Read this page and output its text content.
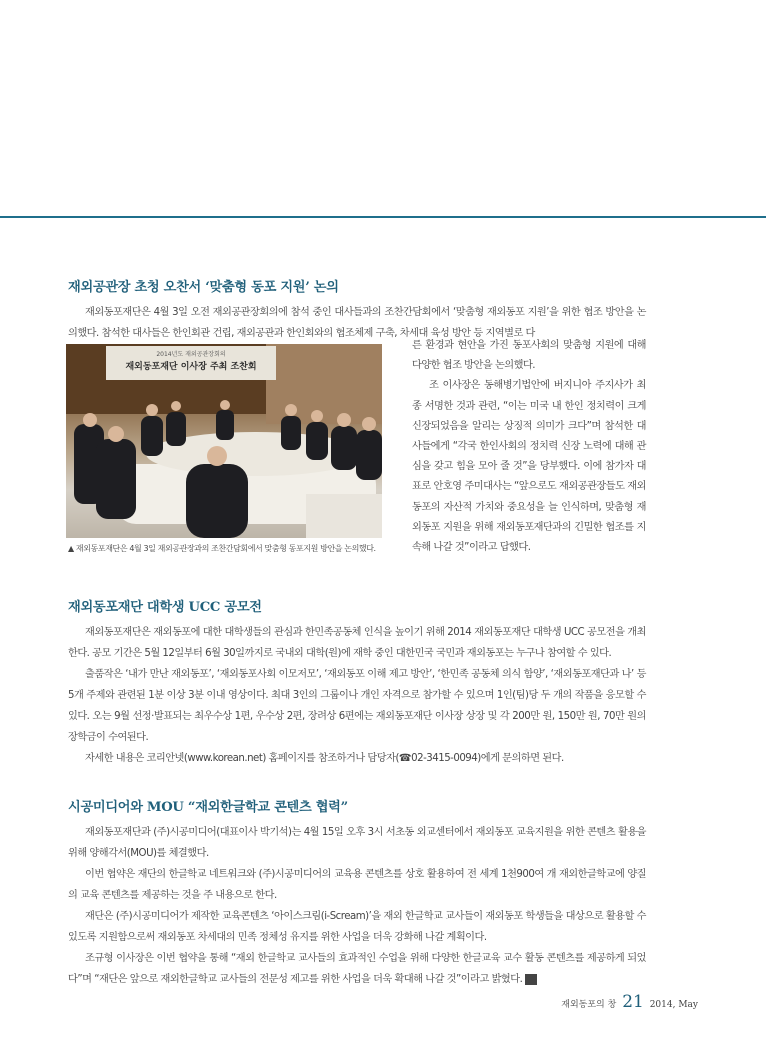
재외공관장 초청 오찬서 ‘맞춤형 동포 지원’ 논의

재외동포재단은 4월 3일 오전 재외공관장회의에 참석 중인 대사들과의 조찬간담회에서 ‘맞춤형 재외동포 지원’을 위한 협조 방안을 논의했다. 참석한 대사들은 한인회관 건립, 재외공관과 한인회와의 협조체제 구축, 차세대 육성 방안 등 지역별로 다

2014년도 재외공관장회의
재외동포재단 이사장 주최 조찬회
▲ 재외동포재단은 4월 3일 재외공관장과의 조찬간담회에서 맞춤형 동포지원 방안을 논의했다.

른 환경과 현안을 가진 동포사회의 맞춤형 지원에 대해 다양한 협조 방안을 논의했다.

조 이사장은 동해병기법안에 버지니아 주지사가 최종 서명한 것과 관련, “이는 미국 내 한인 정치력이 크게 신장되었음을 알리는 상징적 의미가 크다”며 참석한 대사들에게 “각국 한인사회의 정치력 신장 노력에 대해 관심을 갖고 힘을 모아 줄 것”을 당부했다. 이에 참가자 대표로 안호영 주미대사는 “앞으로도 재외공관장들도 재외동포의 자산적 가치와 중요성을 늘 인식하며, 맞춤형 재외동포 지원을 위해 재외동포재단과의 긴밀한 협조를 지속해 나갈 것”이라고 답했다.

재외동포재단 대학생 UCC 공모전

재외동포재단은 재외동포에 대한 대학생들의 관심과 한민족공동체 인식을 높이기 위해 2014 재외동포재단 대학생 UCC 공모전을 개최한다. 공모 기간은 5월 12일부터 6월 30일까지로 국내외 대학(원)에 재학 중인 대한민국 국민과 재외동포는 누구나 참여할 수 있다.

출품작은 ‘내가 만난 재외동포’, ‘재외동포사회 이모저모’, ‘재외동포 이해 제고 방안’, ‘한민족 공동체 의식 함양’, ‘재외동포재단과 나’ 등 5개 주제와 관련된 1분 이상 3분 이내 영상이다. 최대 3인의 그룹이나 개인 자격으로 참가할 수 있으며 1인(팀)당 두 개의 작품을 응모할 수 있다. 오는 9월 선정·발표되는 최우수상 1편, 우수상 2편, 장려상 6편에는 재외동포재단 이사장 상장 및 각 200만 원, 150만 원, 70만 원의 장학금이 수여된다.

자세한 내용은 코리안넷(www.korean.net) 홈페이지를 참조하거나 담당자(☎02-3415-0094)에게 문의하면 된다.

시공미디어와 MOU “재외한글학교 콘텐츠 협력”

재외동포재단과 (주)시공미디어(대표이사 박기석)는 4월 15일 오후 3시 서초동 외교센터에서 재외동포 교육지원을 위한 콘텐츠 활용을 위해 양해각서(MOU)를 체결했다.

이번 협약은 재단의 한글학교 네트워크와 (주)시공미디어의 교육용 콘텐츠를 상호 활용하여 전 세계 1천900여 개 재외한글학교에 양질의 교육 콘텐츠를 제공하는 것을 주 내용으로 한다.

재단은 (주)시공미디어가 제작한 교육콘텐츠 ‘아이스크림(i-Scream)’을 재외 한글학교 교사들이 재외동포 학생들을 대상으로 활용할 수 있도록 지원함으로써 재외동포 차세대의 민족 정체성 유지를 위한 사업을 더욱 강화해 나갈 계획이다.

조규형 이사장은 이번 협약을 통해 “재외 한글학교 교사들의 효과적인 수업을 위해 다양한 한글교육 교수 활동 콘텐츠를 제공하게 되었다”며 “재단은 앞으로 재외한글학교 교사들의 전문성 제고를 위한 사업을 더욱 확대해 나갈 것”이라고 밝혔다.

재외동포의 창 21 2014, May
